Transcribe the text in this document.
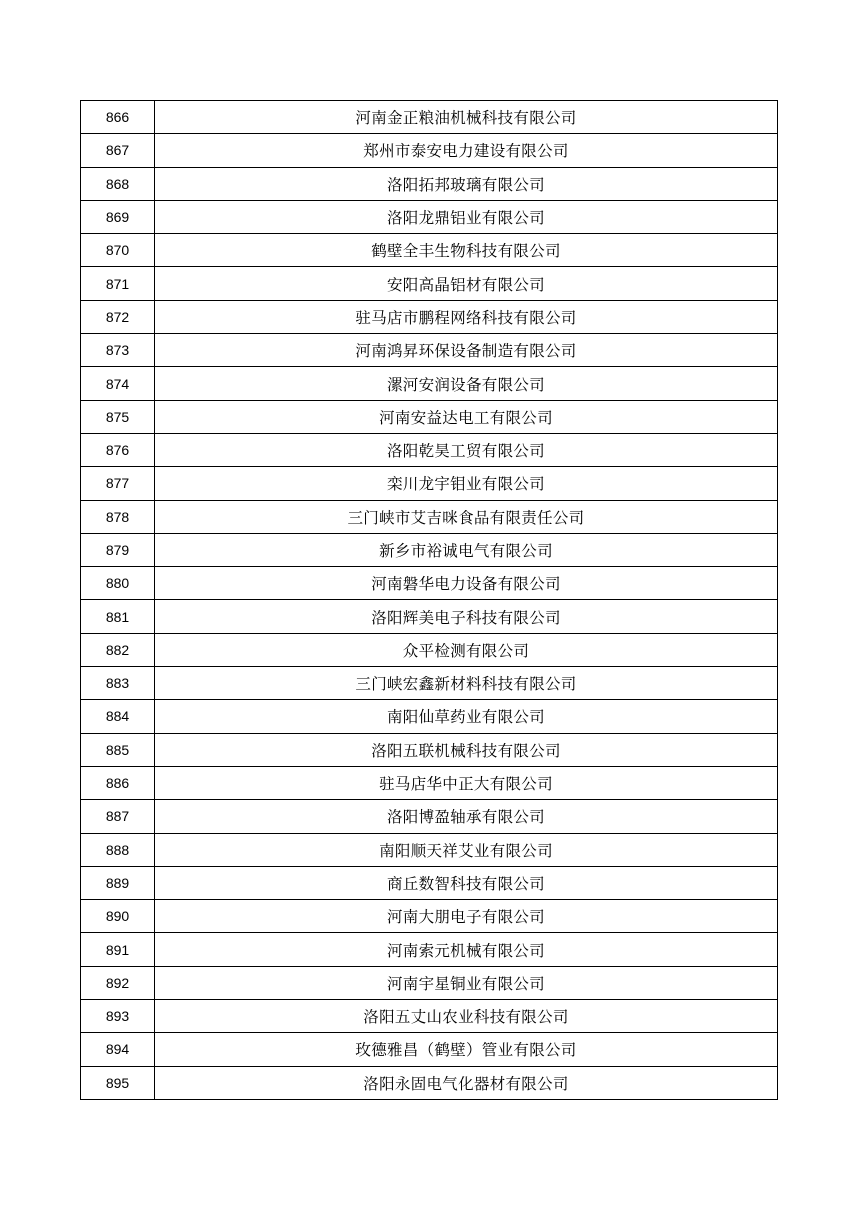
866	河南金正粮油机械科技有限公司
867	郑州市泰安电力建设有限公司
868	洛阳拓邦玻璃有限公司
869	洛阳龙鼎铝业有限公司
870	鹤壁全丰生物科技有限公司
871	安阳高晶铝材有限公司
872	驻马店市鹏程网络科技有限公司
873	河南鸿昇环保设备制造有限公司
874	漯河安润设备有限公司
875	河南安益达电工有限公司
876	洛阳乾昊工贸有限公司
877	栾川龙宇钼业有限公司
878	三门峡市艾吉咪食品有限责任公司
879	新乡市裕诚电气有限公司
880	河南磐华电力设备有限公司
881	洛阳辉美电子科技有限公司
882	众平检测有限公司
883	三门峡宏鑫新材料科技有限公司
884	南阳仙草药业有限公司
885	洛阳五联机械科技有限公司
886	驻马店华中正大有限公司
887	洛阳博盈轴承有限公司
888	南阳顺天祥艾业有限公司
889	商丘数智科技有限公司
890	河南大朋电子有限公司
891	河南索元机械有限公司
892	河南宇星铜业有限公司
893	洛阳五丈山农业科技有限公司
894	玫德雅昌（鹤壁）管业有限公司
895	洛阳永固电气化器材有限公司
